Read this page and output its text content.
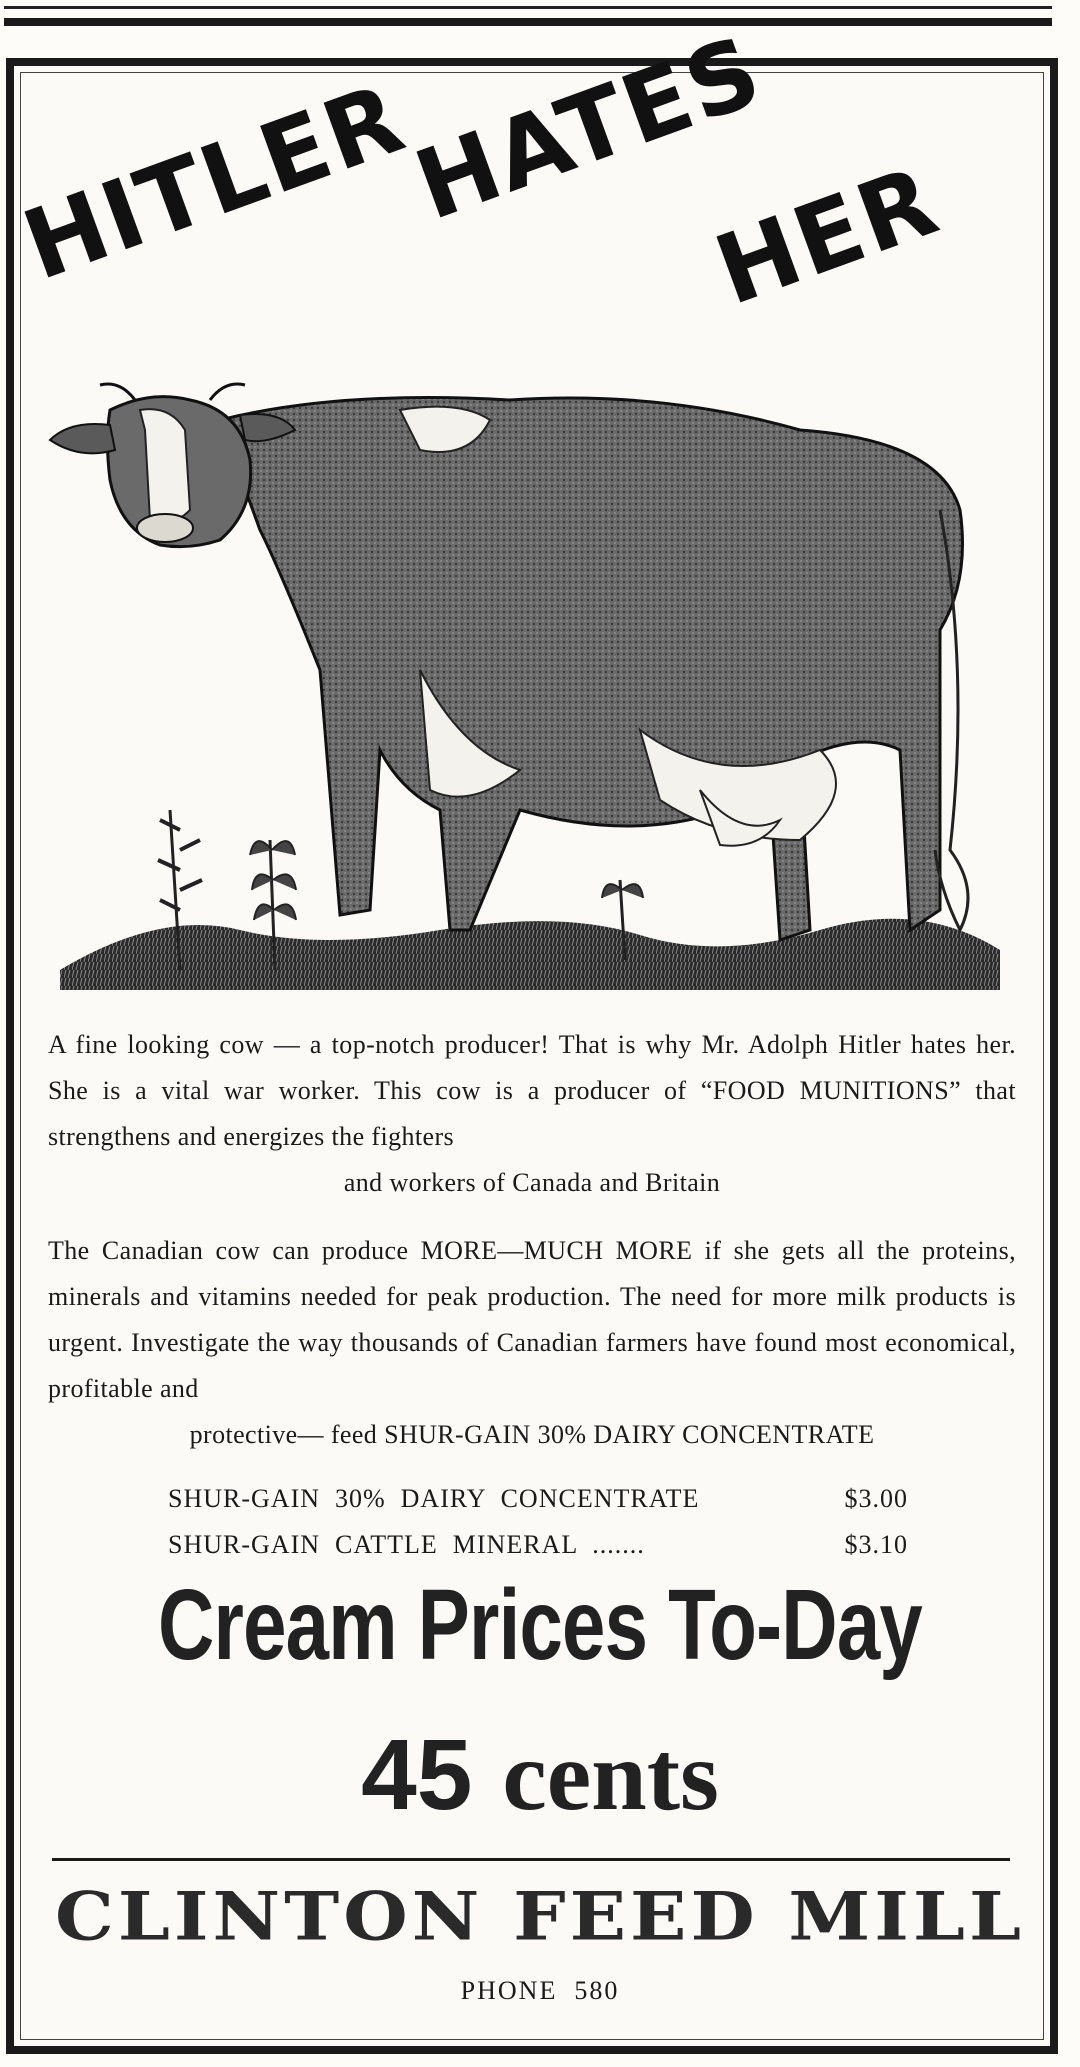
HITLER
HATES
HER
A fine looking cow — a top-notch producer! That is why Mr. Adolph Hitler hates her. She is a vital war worker. This cow is a producer of “FOOD MUNITIONS” that strengthens and energizes the fighters
and workers of Canada and Britain
The Canadian cow can produce MORE—MUCH MORE if she gets all the proteins, minerals and vitamins needed for peak production. The need for more milk products is urgent. Investigate the way thousands of Canadian farmers have found most economical, profitable and
protective— feed SHUR-GAIN 30% DAIRY CONCENTRATE
SHUR-GAIN  30%  DAIRY  CONCENTRATE	$3.00
SHUR-GAIN  CATTLE  MINERAL  .......	$3.10
Cream Prices To-Day
45 cents
CLINTON FEED MILL
PHONE  580
